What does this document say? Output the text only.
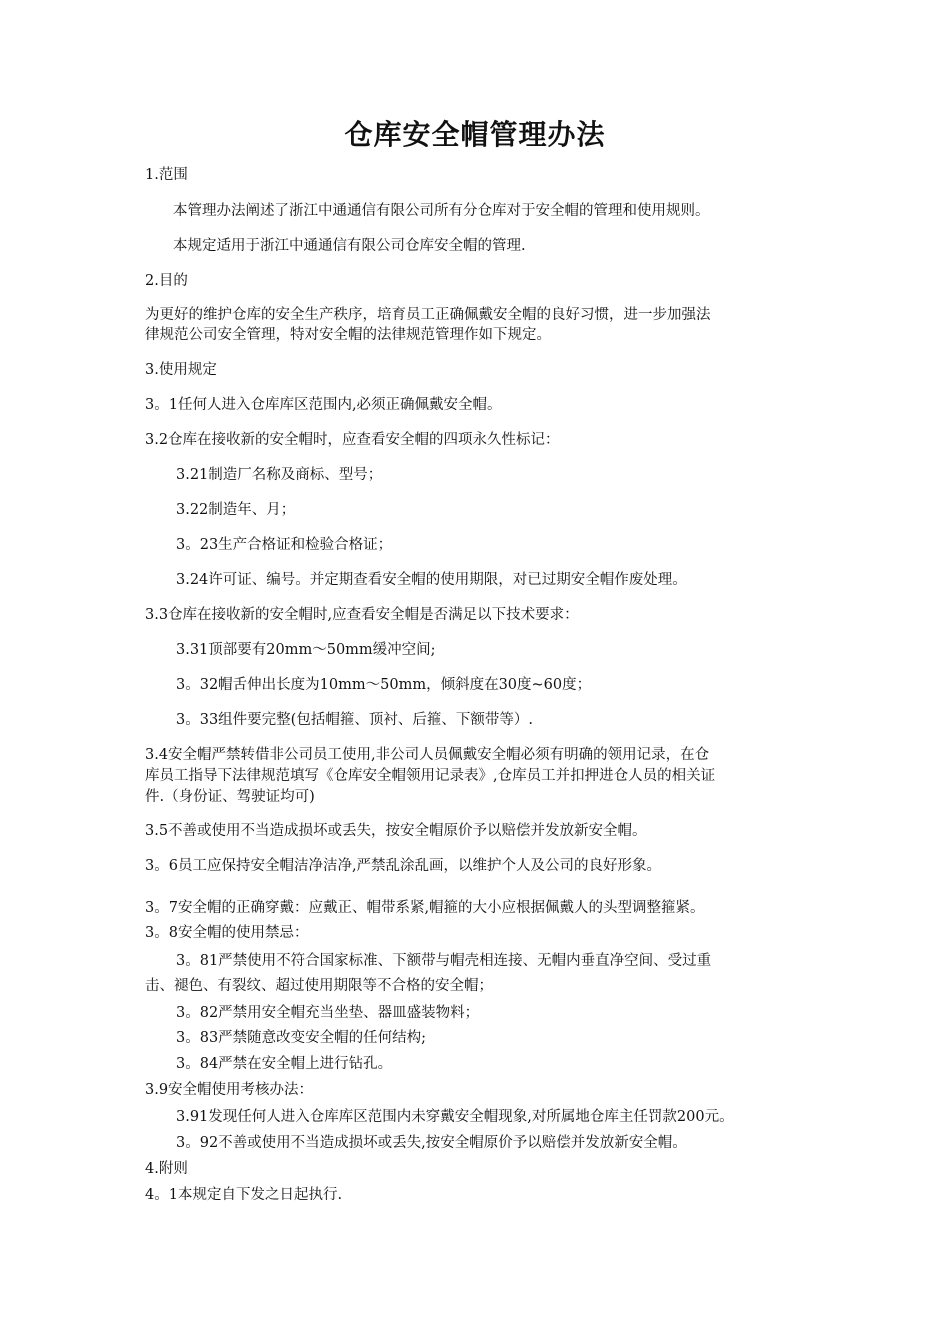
仓库安全帽管理办法
1.范围
本管理办法阐述了浙江中通通信有限公司所有分仓库对于安全帽的管理和使用规则。
本规定适用于浙江中通通信有限公司仓库安全帽的管理.
2.目的
为更好的维护仓库的安全生产秩序，培育员工正确佩戴安全帽的良好习惯，进一步加强法
律规范公司安全管理，特对安全帽的法律规范管理作如下规定。
3.使用规定
3。1任何人进入仓库库区范围内,必须正确佩戴安全帽。
3.2仓库在接收新的安全帽时，应查看安全帽的四项永久性标记：
3.21制造厂名称及商标、型号；
3.22制造年、月；
3。23生产合格证和检验合格证；
3.24许可证、编号。并定期查看安全帽的使用期限，对已过期安全帽作废处理。
3.3仓库在接收新的安全帽时,应查看安全帽是否满足以下技术要求：
3.31顶部要有20mm～50mm缓冲空间;
3。32帽舌伸出长度为10mm～50mm，倾斜度在30度~60度；
3。33组件要完整(包括帽箍、顶衬、后箍、下额带等）.
3.4安全帽严禁转借非公司员工使用,非公司人员佩戴安全帽必须有明确的领用记录，在仓
库员工指导下法律规范填写《仓库安全帽领用记录表》,仓库员工并扣押进仓人员的相关证
件.（身份证、驾驶证均可)
3.5不善或使用不当造成损坏或丢失，按安全帽原价予以赔偿并发放新安全帽。
3。6员工应保持安全帽洁净洁净,严禁乱涂乱画，以维护个人及公司的良好形象。
3。7安全帽的正确穿戴：应戴正、帽带系紧,帽箍的大小应根据佩戴人的头型调整箍紧。
3。8安全帽的使用禁忌：
3。81严禁使用不符合国家标准、下额带与帽壳相连接、无帽内垂直净空间、受过重
击、褪色、有裂纹、超过使用期限等不合格的安全帽；
3。82严禁用安全帽充当坐垫、器皿盛装物料；
3。83严禁随意改变安全帽的任何结构;
3。84严禁在安全帽上进行钻孔。
3.9安全帽使用考核办法：
3.91发现任何人进入仓库库区范围内未穿戴安全帽现象,对所属地仓库主任罚款200元。
3。92不善或使用不当造成损坏或丢失,按安全帽原价予以赔偿并发放新安全帽。
4.附则
4。1本规定自下发之日起执行.
